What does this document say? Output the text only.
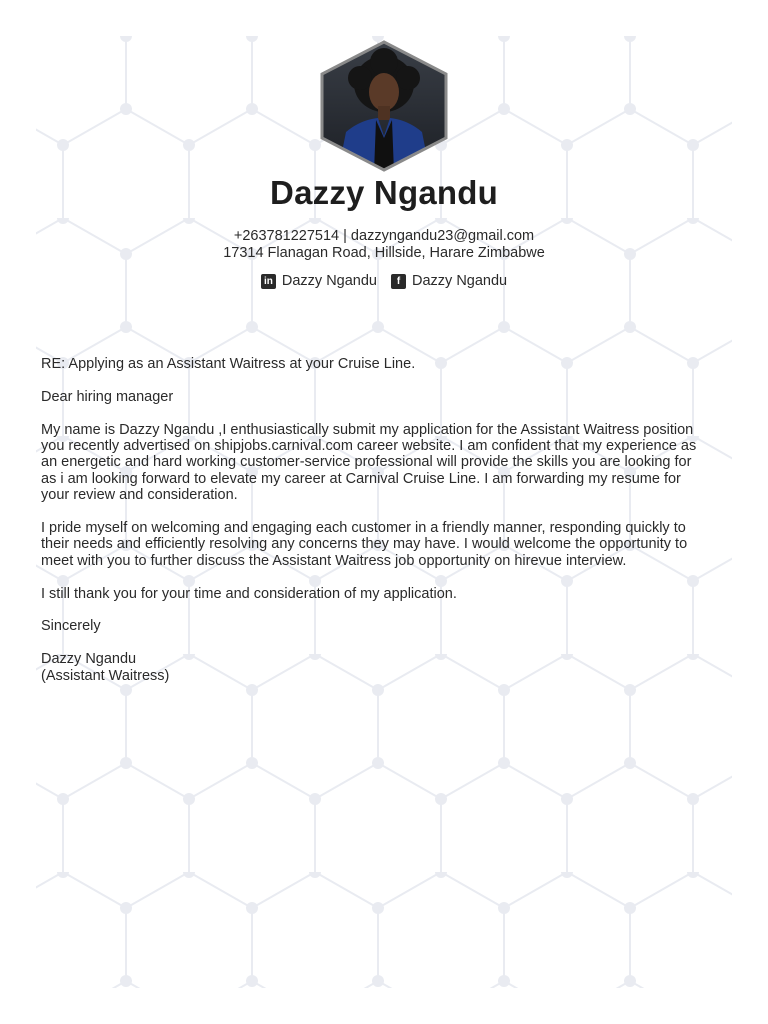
Dazzy Ngandu
+263781227514 | dazzyngandu23@gmail.com
17314 Flanagan Road, Hillside, Harare Zimbabwe
in Dazzy Ngandu	f Dazzy Ngandu

RE: Applying as an Assistant Waitress at your Cruise Line.

Dear hiring manager

My name is Dazzy Ngandu ,I enthusiastically submit my application for the Assistant Waitress position
you recently advertised on shipjobs.carnival.com career website. I am confident that my experience as
an energetic and hard working customer-service professional will provide the skills you are looking for
as i am looking forward to elevate my career at Carnival Cruise Line. I am forwarding my resume for
your review and consideration.

I pride myself on welcoming and engaging each customer in a friendly manner, responding quickly to
their needs and efficiently resolving any concerns they may have. I would welcome the opportunity to
meet with you to further discuss the Assistant Waitress job opportunity on hirevue interview.

I still thank you for your time and consideration of my application.

Sincerely

Dazzy Ngandu
(Assistant Waitress)
